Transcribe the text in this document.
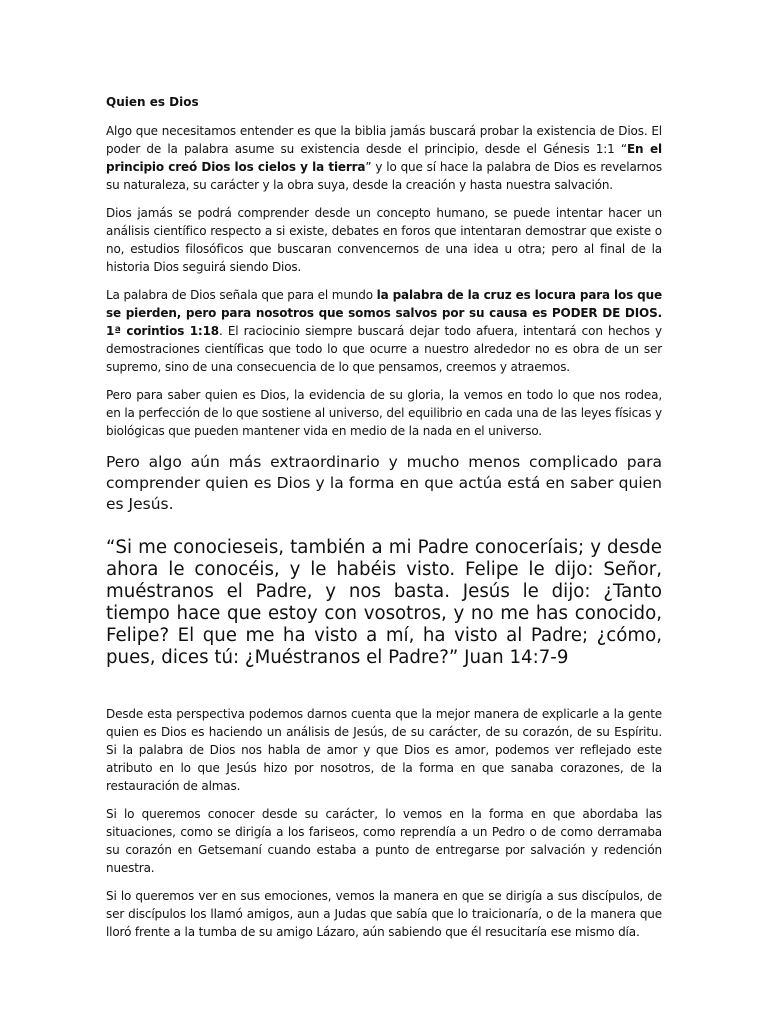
Quien es Dios

Algo que necesitamos entender es que la biblia jamás buscará probar la existencia de Dios. El poder de la palabra asume su existencia desde el principio, desde el Génesis 1:1 “En el principio creó Dios los cielos y la tierra” y lo que sí hace la palabra de Dios es revelarnos su naturaleza, su carácter y la obra suya, desde la creación y hasta nuestra salvación.

Dios jamás se podrá comprender desde un concepto humano, se puede intentar hacer un análisis científico respecto a si existe, debates en foros que intentaran demostrar que existe o no, estudios filosóficos que buscaran convencernos de una idea u otra; pero al final de la historia Dios seguirá siendo Dios.

La palabra de Dios señala que para el mundo la palabra de la cruz es locura para los que se pierden, pero para nosotros que somos salvos por su causa es PODER DE DIOS. 1ª corintios 1:18. El raciocinio siempre buscará dejar todo afuera, intentará con hechos y demostraciones científicas que todo lo que ocurre a nuestro alrededor no es obra de un ser supremo, sino de una consecuencia de lo que pensamos, creemos y atraemos.

Pero para saber quien es Dios, la evidencia de su gloria, la vemos en todo lo que nos rodea, en la perfección de lo que sostiene al universo, del equilibrio en cada una de las leyes físicas y biológicas que pueden mantener vida en medio de la nada en el universo.

Pero algo aún más extraordinario y mucho menos complicado para comprender quien es Dios y la forma en que actúa está en saber quien es Jesús.

“Si me conocieseis, también a mi Padre conoceríais; y desde ahora le conocéis, y le habéis visto. Felipe le dijo: Señor, muéstranos el Padre, y nos basta. Jesús le dijo: ¿Tanto tiempo hace que estoy con vosotros, y no me has conocido, Felipe? El que me ha visto a mí, ha visto al Padre; ¿cómo, pues, dices tú: ¿Muéstranos el Padre?” Juan 14:7-9

Desde esta perspectiva podemos darnos cuenta que la mejor manera de explicarle a la gente quien es Dios es haciendo un análisis de Jesús, de su carácter, de su corazón, de su Espíritu. Si la palabra de Dios nos habla de amor y que Dios es amor, podemos ver reflejado este atributo en lo que Jesús hizo por nosotros, de la forma en que sanaba corazones, de la restauración de almas.

Si lo queremos conocer desde su carácter, lo vemos en la forma en que abordaba las situaciones, como se dirigía a los fariseos, como reprendía a un Pedro o de como derramaba su corazón en Getsemaní cuando estaba a punto de entregarse por salvación y redención nuestra.

Si lo queremos ver en sus emociones, vemos la manera en que se dirigía a sus discípulos, de ser discípulos los llamó amigos, aun a Judas que sabía que lo traicionaría, o de la manera que lloró frente a la tumba de su amigo Lázaro, aún sabiendo que él resucitaría ese mismo día.
